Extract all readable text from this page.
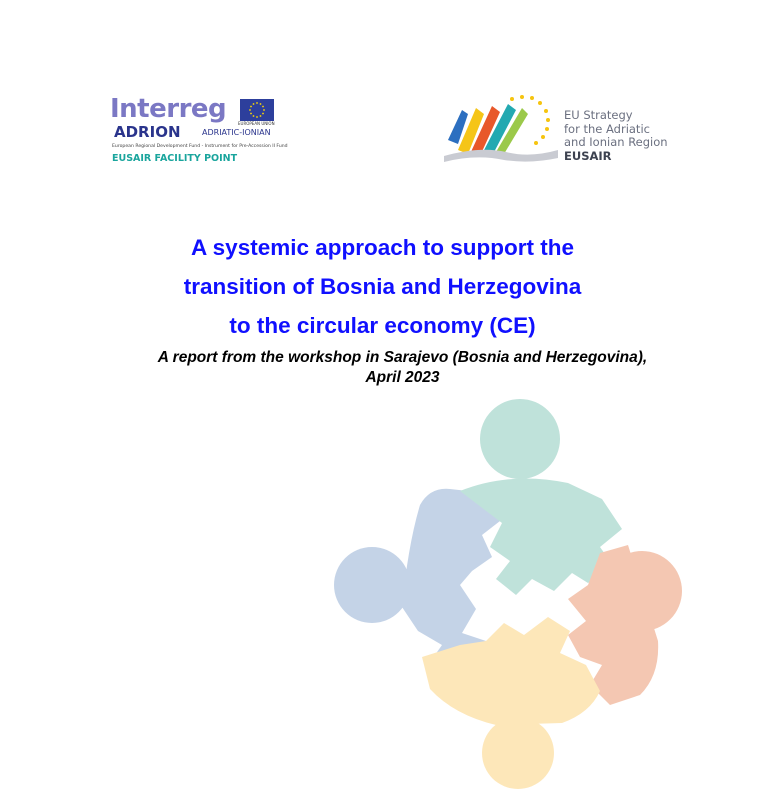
Interreg	EUROPEAN UNION
ADRION	ADRIATIC-IONIAN
European Regional Development Fund - Instrument for Pre-Accession II Fund
EUSAIR FACILITY POINT
EU Strategy
for the Adriatic
and Ionian Region
EUSAIR
A systemic approach to support the
transition of Bosnia and Herzegovina
to the circular economy (CE)
A report from the workshop in Sarajevo (Bosnia and Herzegovina),
April 2023
